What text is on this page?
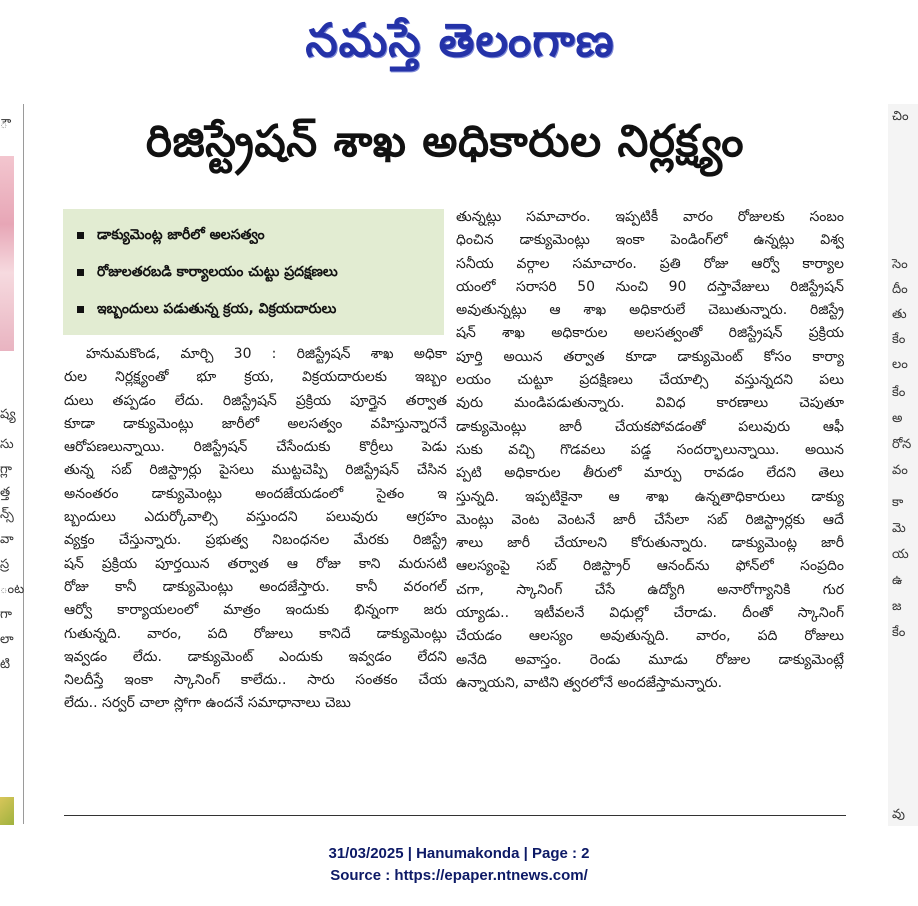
నమస్తే తెలంగాణ
ౌ
ష్య
సు
గ్లా
త్త
న్స్
వా
స్ర
ంట
గా
లా
టి
చిం
సెం
దీం
తు
కేం
లం
కేం
అ
రోన
వం
కా
మె
య
ఉ
జ
కేం
వు
రిజిస్ట్రేషన్ శాఖ అధికారుల నిర్లక్ష్యం
డాక్యుమెంట్ల జారీలో అలసత్వం
రోజులతరబడి కార్యాలయం చుట్టు ప్రదక్షణలు
ఇబ్బందులు పడుతున్న క్రయ, విక్రయదారులు
హనుమకొండ, మార్చి 30 : రిజిస్ట్రేషన్ శాఖ అధికా
రుల నిర్లక్ష్యంతో భూ క్రయ, విక్రయదారులకు ఇబ్బం
దులు తప్పడం లేదు. రిజిస్ట్రేషన్ ప్రక్రియ పూర్తైన తర్వాత
కూడా డాక్యుమెంట్లు జారీలో అలసత్వం వహిస్తున్నారనే
ఆరోపణలున్నాయి. రిజిస్ట్రేషన్ చేసేందుకు కొర్రీలు పెడు
తున్న సబ్ రిజిస్ట్రార్లు పైసలు ముట్టచెప్పి రిజిస్ట్రేషన్ చేసిన
అనంతరం డాక్యుమెంట్లు అందజేయడంలో సైతం ఇ
బ్బందులు ఎదుర్కోవాల్సి వస్తుందని పలువురు ఆగ్రహం
వ్యక్తం చేస్తున్నారు. ప్రభుత్వ నిబంధనల మేరకు రిజిస్ట్రే
షన్ ప్రక్రియ పూర్తయిన తర్వాత ఆ రోజు కాని మరుసటి
రోజు కానీ డాక్యుమెంట్లు అందజేస్తారు. కానీ వరంగల్
ఆర్వో కార్యాయలంలో మాత్రం ఇందుకు భిన్నంగా జరు
గుతున్నది. వారం, పది రోజులు కానిదే డాక్యుమెంట్లు
ఇవ్వడం లేదు. డాక్యుమెంట్ ఎందుకు ఇవ్వడం లేదని
నిలదీస్తే ఇంకా స్కానింగ్ కాలేదు.. సారు సంతకం చేయ
లేదు.. సర్వర్ చాలా స్లోగా ఉందనే సమాధానాలు చెబు
తున్నట్లు సమాచారం. ఇప్పటికీ వారం రోజులకు సంబం
ధించిన డాక్యుమెంట్లు ఇంకా పెండింగ్‌లో ఉన్నట్లు విశ్వ
సనీయ వర్గాల సమాచారం. ప్రతి రోజు ఆర్వో కార్యాల
యంలో సరాసరి 50 నుంచి 90 దస్తావేజులు రిజిస్ట్రేషన్
అవుతున్నట్లు ఆ శాఖ అధికారులే చెబుతున్నారు. రిజిస్ట్రే
షన్ శాఖ అధికారుల అలసత్వంతో రిజిస్ట్రేషన్ ప్రక్రియ
పూర్తి అయిన తర్వాత కూడా డాక్యుమెంట్ కోసం కార్యా
లయం చుట్టూ ప్రదక్షిణలు చేయాల్సి వస్తున్నదని పలు
వురు మండిపడుతున్నారు. వివిధ కారణాలు చెపుతూ
డాక్యుమెంట్లు జారీ చేయకపోవడంతో పలువురు ఆఫీ
సుకు వచ్చి గొడవలు పడ్డ సందర్భాలున్నాయి. అయిన
ప్పటి అధికారుల తీరులో మార్పు రావడం లేదని తెలు
స్తున్నది. ఇప్పటికైనా ఆ శాఖ ఉన్నతాధికారులు డాక్యు
మెంట్లు వెంట వెంటనే జారీ చేసేలా సబ్ రిజిస్ట్రార్లకు ఆదే
శాలు జారీ చేయాలని కోరుతున్నారు. డాక్యుమెంట్ల జారీ
ఆలస్యంపై సబ్ రిజిస్ట్రార్ ఆనంద్‌ను ఫోన్‌లో సంప్రదిం
చగా, స్కానింగ్ చేసే ఉద్యోగి అనారోగ్యానికి గుర
య్యాడు.. ఇటీవలనే విధుల్లో చేరాడు. దీంతో స్కానింగ్
చేయడం ఆలస్యం అవుతున్నది. వారం, పది రోజులు
అనేది అవాస్తం. రెండు మూడు రోజుల డాక్యుమెంట్లే
ఉన్నాయని, వాటిని త్వరలోనే అందజేస్తామన్నారు.
31/03/2025 | Hanumakonda | Page : 2
Source : https://epaper.ntnews.com/
